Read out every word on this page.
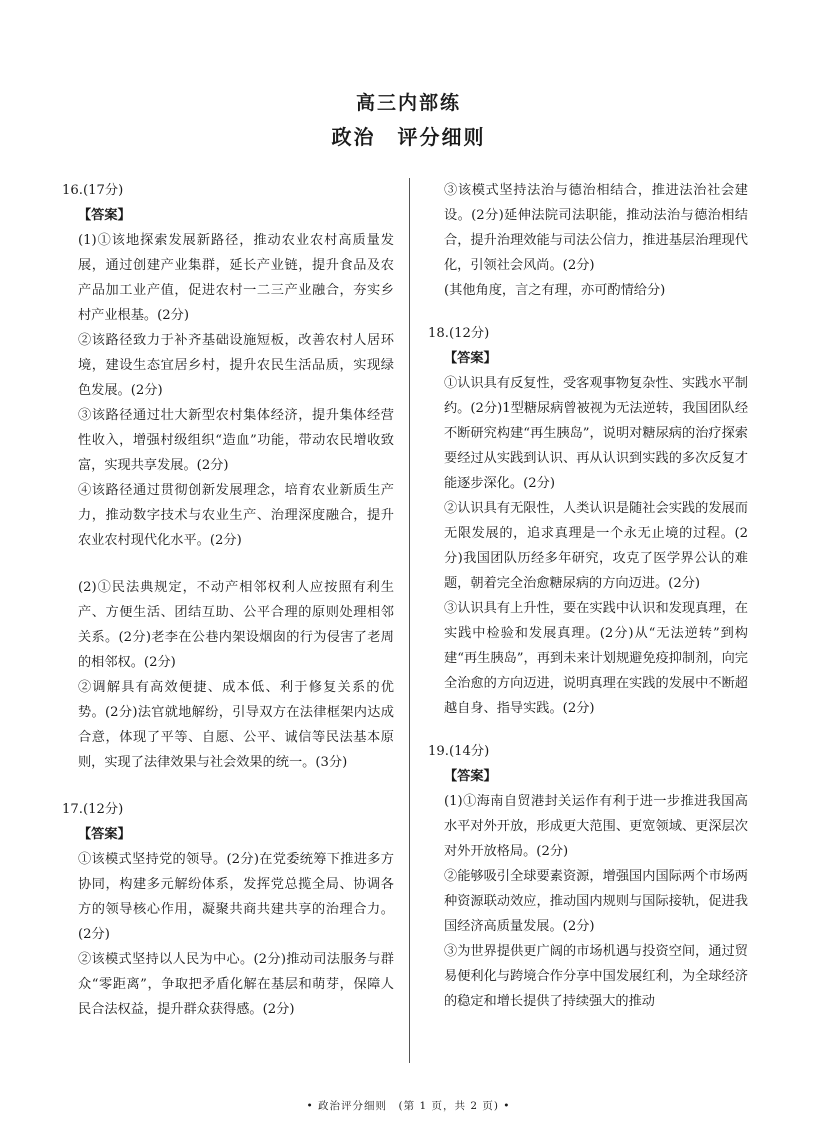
高三内部练
政治　评分细则

16.(17分)

【答案】

(1)①该地探索发展新路径，推动农业农村高质量发展，通过创建产业集群，延长产业链，提升食品及农产品加工业产值，促进农村一二三产业融合，夯实乡村产业根基。(2分)

②该路径致力于补齐基础设施短板，改善农村人居环境，建设生态宜居乡村，提升农民生活品质，实现绿色发展。(2分)

③该路径通过壮大新型农村集体经济，提升集体经营性收入，增强村级组织“造血”功能，带动农民增收致富，实现共享发展。(2分)

④该路径通过贯彻创新发展理念，培育农业新质生产力，推动数字技术与农业生产、治理深度融合，提升农业农村现代化水平。(2分)

(2)①民法典规定，不动产相邻权利人应按照有利生产、方便生活、团结互助、公平合理的原则处理相邻关系。(2分)老李在公巷内架设烟囱的行为侵害了老周的相邻权。(2分)

②调解具有高效便捷、成本低、利于修复关系的优势。(2分)法官就地解纷，引导双方在法律框架内达成合意，体现了平等、自愿、公平、诚信等民法基本原则，实现了法律效果与社会效果的统一。(3分)

17.(12分)

【答案】

①该模式坚持党的领导。(2分)在党委统筹下推进多方协同，构建多元解纷体系，发挥党总揽全局、协调各方的领导核心作用，凝聚共商共建共享的治理合力。(2分)

②该模式坚持以人民为中心。(2分)推动司法服务与群众“零距离”，争取把矛盾化解在基层和萌芽，保障人民合法权益，提升群众获得感。(2分)

③该模式坚持法治与德治相结合，推进法治社会建设。(2分)延伸法院司法职能，推动法治与德治相结合，提升治理效能与司法公信力，推进基层治理现代化，引领社会风尚。(2分)

(其他角度，言之有理，亦可酌情给分)

18.(12分)

【答案】

①认识具有反复性，受客观事物复杂性、实践水平制约。(2分)1型糖尿病曾被视为无法逆转，我国团队经不断研究构建“再生胰岛”，说明对糖尿病的治疗探索要经过从实践到认识、再从认识到实践的多次反复才能逐步深化。(2分)

②认识具有无限性，人类认识是随社会实践的发展而无限发展的，追求真理是一个永无止境的过程。(2分)我国团队历经多年研究，攻克了医学界公认的难题，朝着完全治愈糖尿病的方向迈进。(2分)

③认识具有上升性，要在实践中认识和发现真理，在实践中检验和发展真理。(2分)从“无法逆转”到构建“再生胰岛”，再到未来计划规避免疫抑制剂，向完全治愈的方向迈进，说明真理在实践的发展中不断超越自身、指导实践。(2分)

19.(14分)

【答案】

(1)①海南自贸港封关运作有利于进一步推进我国高水平对外开放，形成更大范围、更宽领域、更深层次对外开放格局。(2分)

②能够吸引全球要素资源，增强国内国际两个市场两种资源联动效应，推动国内规则与国际接轨，促进我国经济高质量发展。(2分)

③为世界提供更广阔的市场机遇与投资空间，通过贸易便利化与跨境合作分享中国发展红利，为全球经济的稳定和增长提供了持续强大的推动

• 政治评分细则　(第 1 页，共 2 页) •
